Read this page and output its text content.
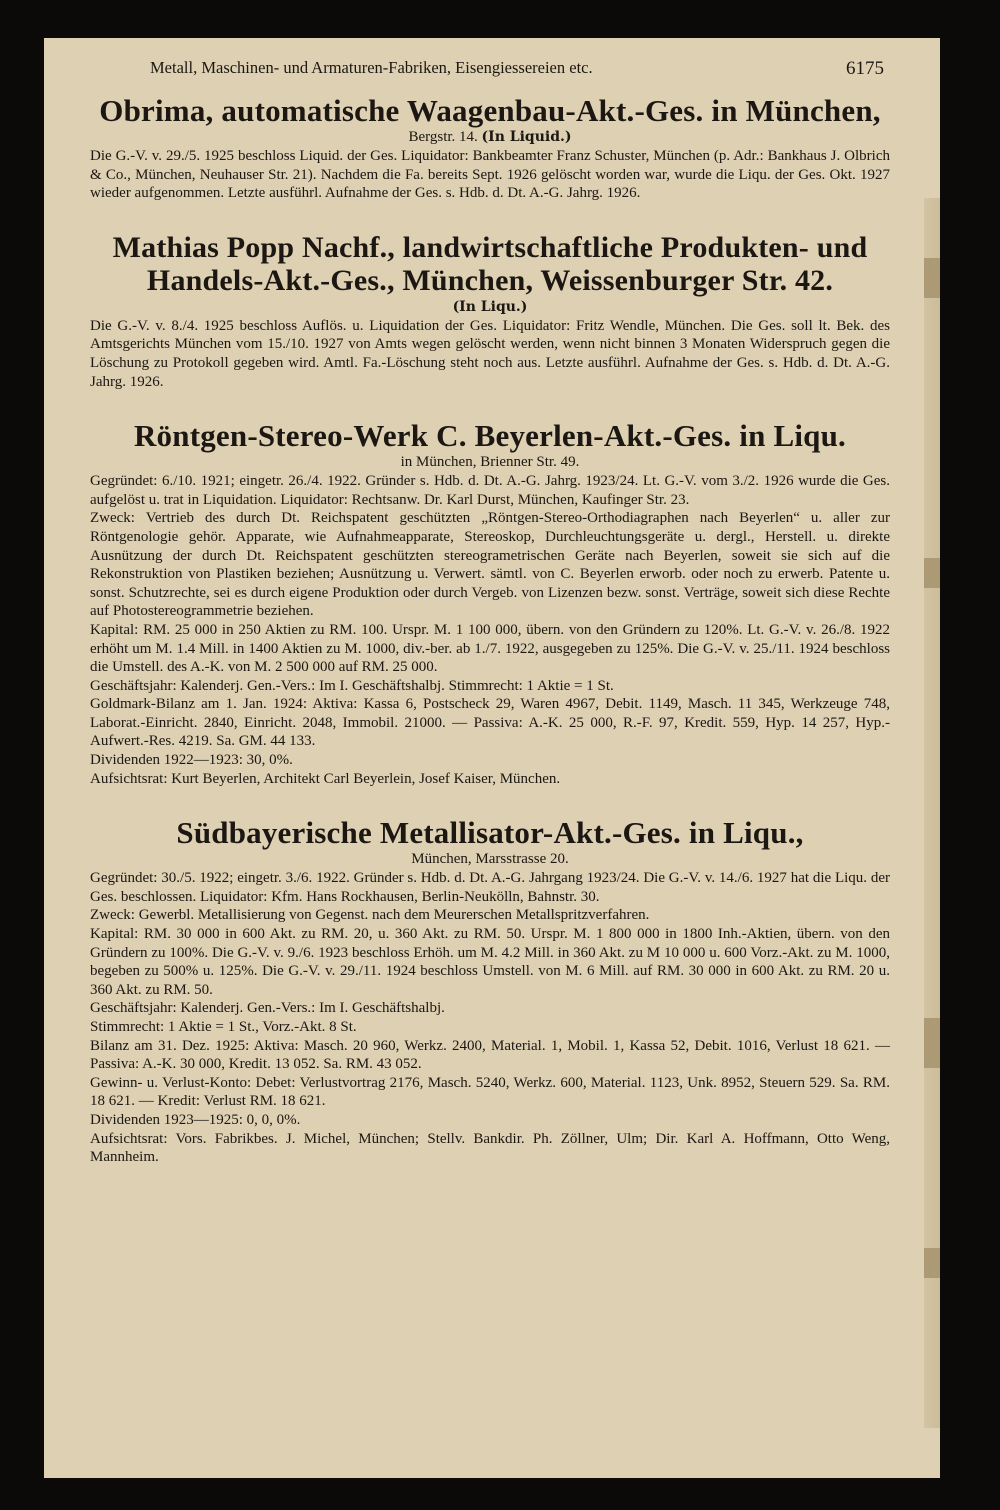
Metall, Maschinen- und Armaturen-Fabriken, Eisengiessereien etc.	6175
Obrima, automatische Waagenbau-Akt.-Ges. in München,
Bergstr. 14. (In Liquid.)

Die G.-V. v. 29./5. 1925 beschloss Liquid. der Ges. Liquidator: Bankbeamter Franz Schuster, München (p. Adr.: Bankhaus J. Olbrich & Co., München, Neuhauser Str. 21). Nachdem die Fa. bereits Sept. 1926 gelöscht worden war, wurde die Liqu. der Ges. Okt. 1927 wieder aufgenommen. Letzte ausführl. Aufnahme der Ges. s. Hdb. d. Dt. A.-G. Jahrg. 1926.

Mathias Popp Nachf., landwirtschaftliche Produkten- und Handels-Akt.-Ges., München, Weissenburger Str. 42.
(In Liqu.)

Die G.-V. v. 8./4. 1925 beschloss Auflös. u. Liquidation der Ges. Liquidator: Fritz Wendle, München. Die Ges. soll lt. Bek. des Amtsgerichts München vom 15./10. 1927 von Amts wegen gelöscht werden, wenn nicht binnen 3 Monaten Widerspruch gegen die Löschung zu Protokoll gegeben wird. Amtl. Fa.-Löschung steht noch aus. Letzte ausführl. Aufnahme der Ges. s. Hdb. d. Dt. A.-G. Jahrg. 1926.

Röntgen-Stereo-Werk C. Beyerlen-Akt.-Ges. in Liqu.
in München, Brienner Str. 49.

Gegründet: 6./10. 1921; eingetr. 26./4. 1922. Gründer s. Hdb. d. Dt. A.-G. Jahrg. 1923/24. Lt. G.-V. vom 3./2. 1926 wurde die Ges. aufgelöst u. trat in Liquidation. Liquidator: Rechtsanw. Dr. Karl Durst, München, Kaufinger Str. 23.

Zweck: Vertrieb des durch Dt. Reichspatent geschützten „Röntgen-Stereo-Orthodiagraphen nach Beyerlen“ u. aller zur Röntgenologie gehör. Apparate, wie Aufnahmeapparate, Stereoskop, Durchleuchtungsgeräte u. dergl., Herstell. u. direkte Ausnützung der durch Dt. Reichspatent geschützten stereogrametrischen Geräte nach Beyerlen, soweit sie sich auf die Rekonstruktion von Plastiken beziehen; Ausnützung u. Verwert. sämtl. von C. Beyerlen erworb. oder noch zu erwerb. Patente u. sonst. Schutzrechte, sei es durch eigene Produktion oder durch Vergeb. von Lizenzen bezw. sonst. Verträge, soweit sich diese Rechte auf Photostereogrammetrie beziehen.

Kapital: RM. 25 000 in 250 Aktien zu RM. 100. Urspr. M. 1 100 000, übern. von den Gründern zu 120%. Lt. G.-V. v. 26./8. 1922 erhöht um M. 1.4 Mill. in 1400 Aktien zu M. 1000, div.-ber. ab 1./7. 1922, ausgegeben zu 125%. Die G.-V. v. 25./11. 1924 beschloss die Umstell. des A.-K. von M. 2 500 000 auf RM. 25 000.

Geschäftsjahr: Kalenderj. Gen.-Vers.: Im I. Geschäftshalbj. Stimmrecht: 1 Aktie = 1 St.

Goldmark-Bilanz am 1. Jan. 1924: Aktiva: Kassa 6, Postscheck 29, Waren 4967, Debit. 1149, Masch. 11 345, Werkzeuge 748, Laborat.-Einricht. 2840, Einricht. 2048, Immobil. 21000. — Passiva: A.-K. 25 000, R.-F. 97, Kredit. 559, Hyp. 14 257, Hyp.-Aufwert.-Res. 4219. Sa. GM. 44 133.

Dividenden 1922—1923: 30, 0%.

Aufsichtsrat: Kurt Beyerlen, Architekt Carl Beyerlein, Josef Kaiser, München.

Südbayerische Metallisator-Akt.-Ges. in Liqu.,
München, Marsstrasse 20.

Gegründet: 30./5. 1922; eingetr. 3./6. 1922. Gründer s. Hdb. d. Dt. A.-G. Jahrgang 1923/24. Die G.-V. v. 14./6. 1927 hat die Liqu. der Ges. beschlossen. Liquidator: Kfm. Hans Rockhausen, Berlin-Neukölln, Bahnstr. 30.

Zweck: Gewerbl. Metallisierung von Gegenst. nach dem Meurerschen Metallspritzverfahren.

Kapital: RM. 30 000 in 600 Akt. zu RM. 20, u. 360 Akt. zu RM. 50. Urspr. M. 1 800 000 in 1800 Inh.-Aktien, übern. von den Gründern zu 100%. Die G.-V. v. 9./6. 1923 beschloss Erhöh. um M. 4.2 Mill. in 360 Akt. zu M 10 000 u. 600 Vorz.-Akt. zu M. 1000, begeben zu 500% u. 125%. Die G.-V. v. 29./11. 1924 beschloss Umstell. von M. 6 Mill. auf RM. 30 000 in 600 Akt. zu RM. 20 u. 360 Akt. zu RM. 50.

Geschäftsjahr: Kalenderj. Gen.-Vers.: Im I. Geschäftshalbj.

Stimmrecht: 1 Aktie = 1 St., Vorz.-Akt. 8 St.

Bilanz am 31. Dez. 1925: Aktiva: Masch. 20 960, Werkz. 2400, Material. 1, Mobil. 1, Kassa 52, Debit. 1016, Verlust 18 621. — Passiva: A.-K. 30 000, Kredit. 13 052. Sa. RM. 43 052.

Gewinn- u. Verlust-Konto: Debet: Verlustvortrag 2176, Masch. 5240, Werkz. 600, Material. 1123, Unk. 8952, Steuern 529. Sa. RM. 18 621. — Kredit: Verlust RM. 18 621.

Dividenden 1923—1925: 0, 0, 0%.

Aufsichtsrat: Vors. Fabrikbes. J. Michel, München; Stellv. Bankdir. Ph. Zöllner, Ulm; Dir. Karl A. Hoffmann, Otto Weng, Mannheim.
